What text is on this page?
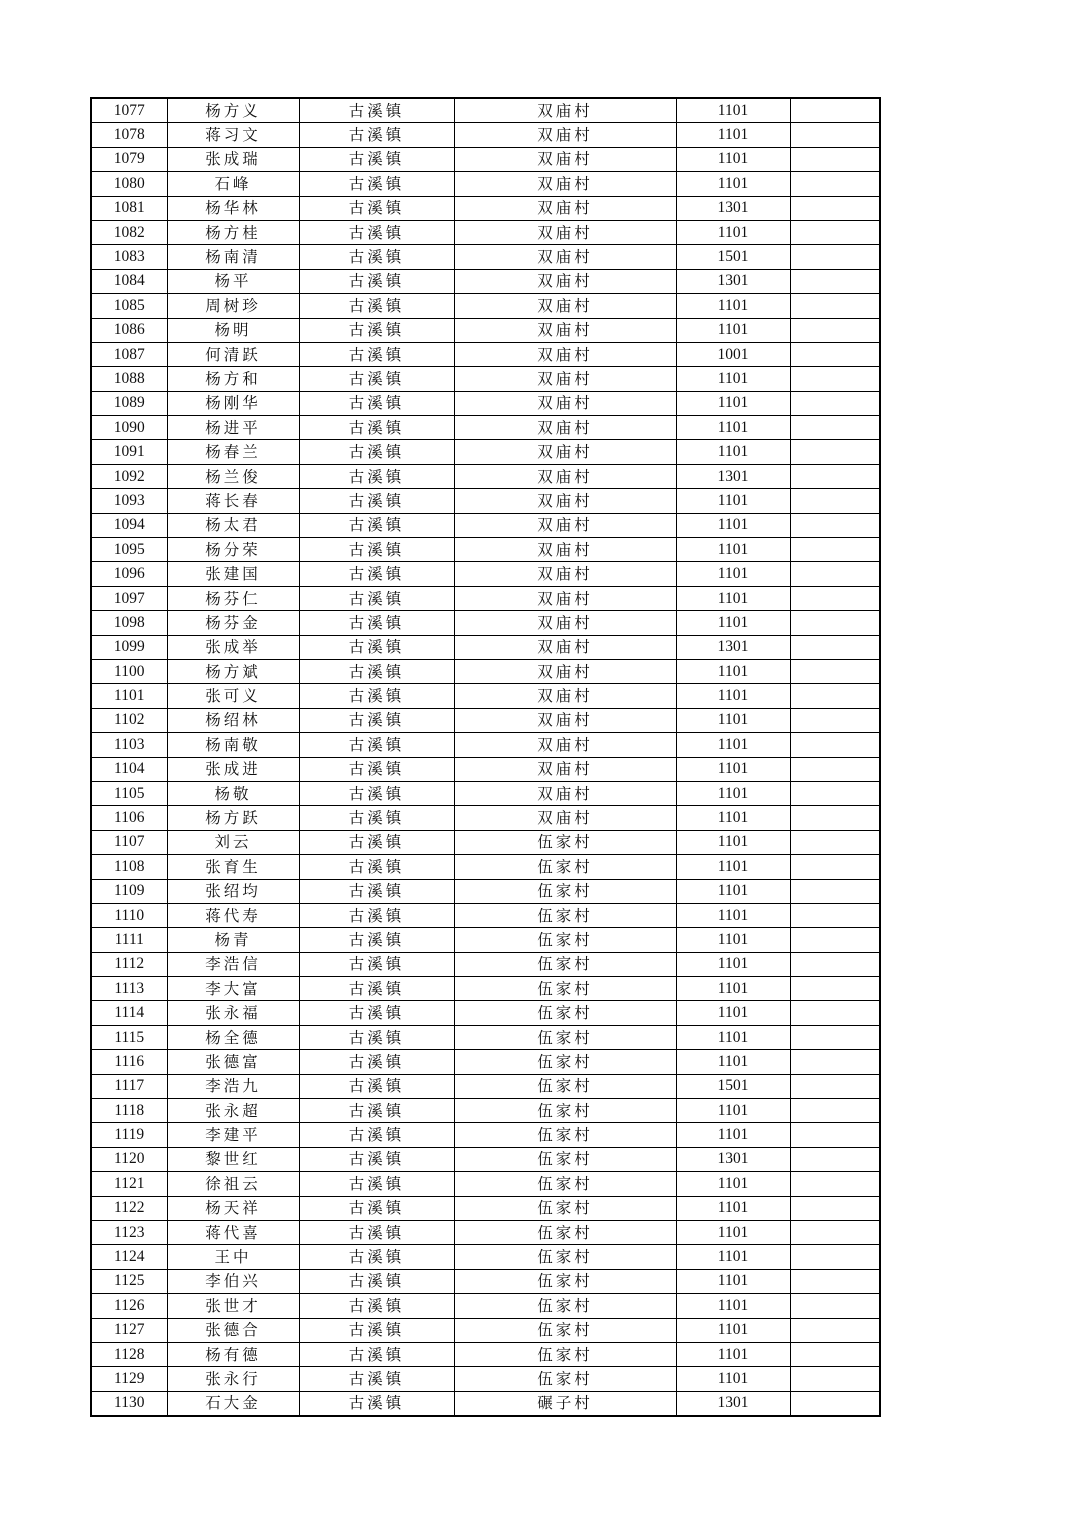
1077	杨方义	古溪镇	双庙村	1101	
1078	蒋习文	古溪镇	双庙村	1101	
1079	张成瑞	古溪镇	双庙村	1101	
1080	石峰	古溪镇	双庙村	1101	
1081	杨华林	古溪镇	双庙村	1301	
1082	杨方桂	古溪镇	双庙村	1101	
1083	杨南清	古溪镇	双庙村	1501	
1084	杨平	古溪镇	双庙村	1301	
1085	周树珍	古溪镇	双庙村	1101	
1086	杨明	古溪镇	双庙村	1101	
1087	何清跃	古溪镇	双庙村	1001	
1088	杨方和	古溪镇	双庙村	1101	
1089	杨刚华	古溪镇	双庙村	1101	
1090	杨进平	古溪镇	双庙村	1101	
1091	杨春兰	古溪镇	双庙村	1101	
1092	杨兰俊	古溪镇	双庙村	1301	
1093	蒋长春	古溪镇	双庙村	1101	
1094	杨太君	古溪镇	双庙村	1101	
1095	杨分荣	古溪镇	双庙村	1101	
1096	张建国	古溪镇	双庙村	1101	
1097	杨芬仁	古溪镇	双庙村	1101	
1098	杨芬金	古溪镇	双庙村	1101	
1099	张成举	古溪镇	双庙村	1301	
1100	杨方斌	古溪镇	双庙村	1101	
1101	张可义	古溪镇	双庙村	1101	
1102	杨绍林	古溪镇	双庙村	1101	
1103	杨南敬	古溪镇	双庙村	1101	
1104	张成进	古溪镇	双庙村	1101	
1105	杨敬	古溪镇	双庙村	1101	
1106	杨方跃	古溪镇	双庙村	1101	
1107	刘云	古溪镇	伍家村	1101	
1108	张育生	古溪镇	伍家村	1101	
1109	张绍均	古溪镇	伍家村	1101	
1110	蒋代寿	古溪镇	伍家村	1101	
1111	杨青	古溪镇	伍家村	1101	
1112	李浩信	古溪镇	伍家村	1101	
1113	李大富	古溪镇	伍家村	1101	
1114	张永福	古溪镇	伍家村	1101	
1115	杨全德	古溪镇	伍家村	1101	
1116	张德富	古溪镇	伍家村	1101	
1117	李浩九	古溪镇	伍家村	1501	
1118	张永超	古溪镇	伍家村	1101	
1119	李建平	古溪镇	伍家村	1101	
1120	黎世红	古溪镇	伍家村	1301	
1121	徐祖云	古溪镇	伍家村	1101	
1122	杨天祥	古溪镇	伍家村	1101	
1123	蒋代喜	古溪镇	伍家村	1101	
1124	王中	古溪镇	伍家村	1101	
1125	李伯兴	古溪镇	伍家村	1101	
1126	张世才	古溪镇	伍家村	1101	
1127	张德合	古溪镇	伍家村	1101	
1128	杨有德	古溪镇	伍家村	1101	
1129	张永行	古溪镇	伍家村	1101	
1130	石大金	古溪镇	碾子村	1301	
